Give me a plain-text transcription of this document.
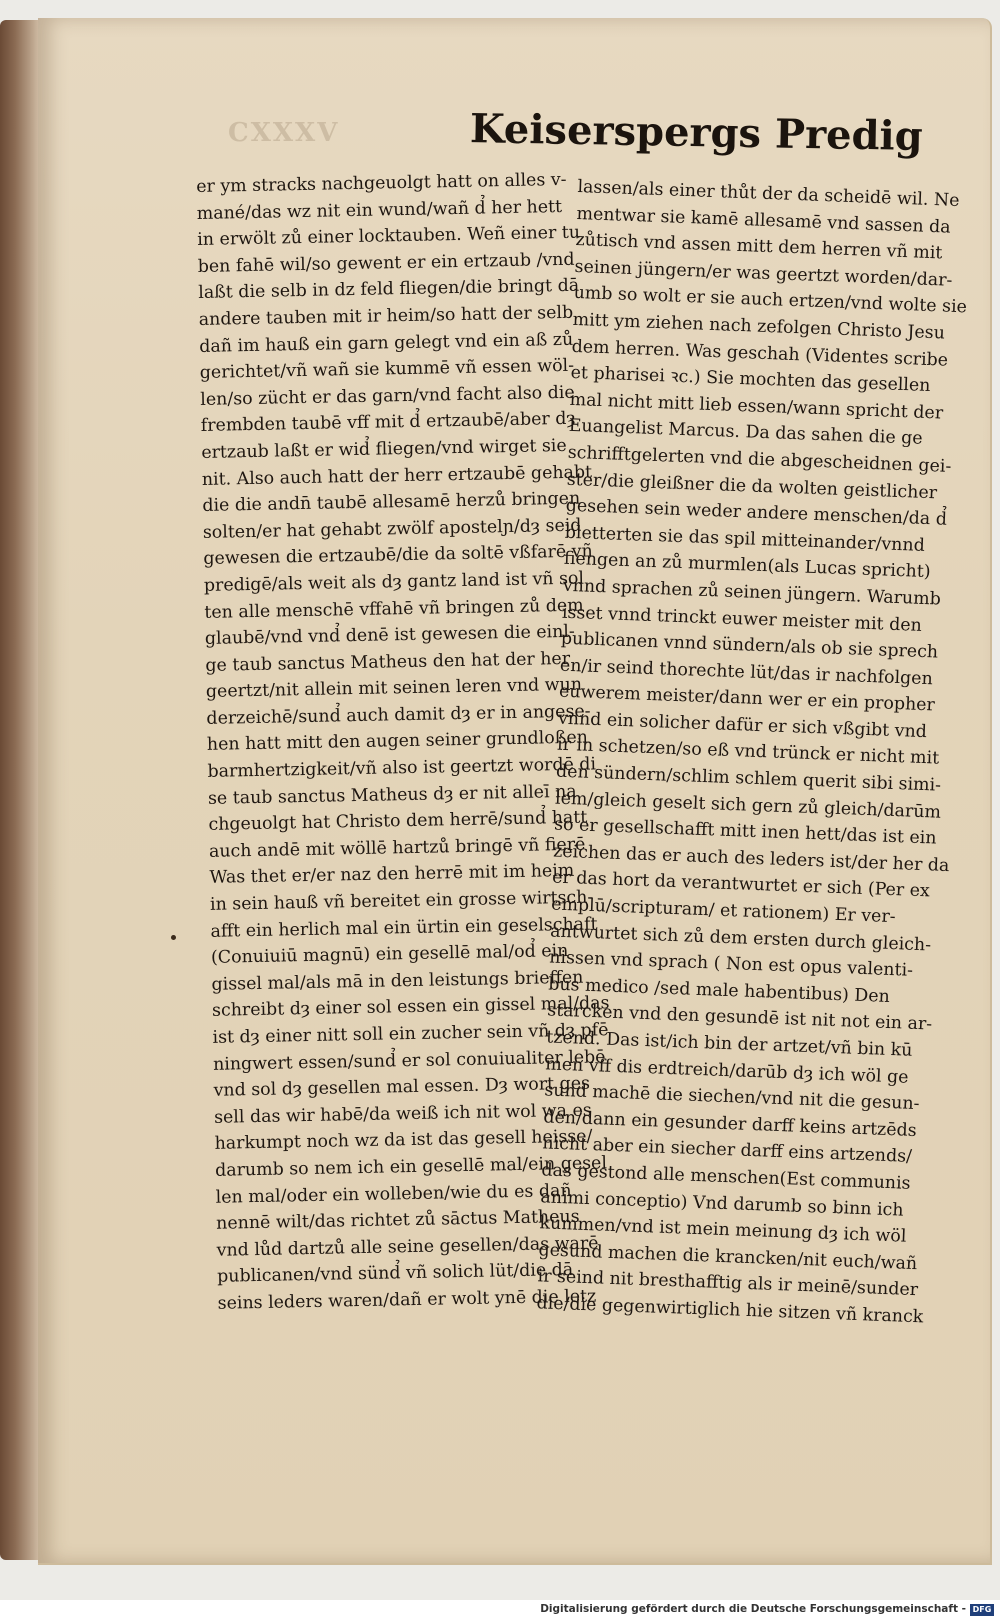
CXXXV	Keiserspergs Predig
er ym stracks nachgeuolgt hatt on alles v‑
mané/das wz nit ein wund/wañ d̉ her hett
in erwölt zů einer locktauben. Weñ einer tu
ben fahē wil/so gewent er ein ertzaub /vnd
laßt die selb in dz feld fliegen/die bringt dā
andere tauben mit ir heim/so hatt der selb
dañ im hauß ein garn gelegt vnd ein aß zů
gerichtet/vñ wañ sie kummē vñ essen wöl‑
len/so zücht er das garn/vnd facht also die
frembden taubē vff mit d̉ ertzaubē/aber dȝ
ertzaub laßt er wid̉ fliegen/vnd wirget sie
nit. Also auch hatt der herr ertzaubē gehabt
die die andn̄ taubē allesamē herzů bringen
solten/er hat gehabt zwölf apostelɲ/dȝ seid
gewesen die ertzaubē/die da soltē vßfarē vñ
predigē/als weit als dȝ gantz land ist vñ sol
ten alle menschē vffahē vñ bringen zů dem
glaubē/vnd vnd̉ denē ist gewesen die einl‑
ge taub sanctus Matheus den hat der her
geertzt/nit allein mit seinen leren vnd wun
derzeichē/sund̉ auch damit dȝ er in angese‑
hen hatt mitt den augen seiner grundloßen
barmhertzigkeit/vñ also ist geertzt wordē di
se taub sanctus Matheus dȝ er nit alleī na
chgeuolgt hat Christo dem herrē/sund̉ hatt
auch andē mit wöllē hartzů bringē vñ fierē
Was thet er/er naz den herrē mit im heim
in sein hauß vñ bereitet ein grosse wirtsch‑
afft ein herlich mal ein ürtin ein geselschaft
(Conuiuiū magnū) ein gesellē mal/od̉ ein
gissel mal/als mā in den leistungs brieffen
schreibt dȝ einer sol essen ein gissel mal/das
ist dȝ einer nitt soll ein zucher sein vñ dȝ pfē
ningwert essen/sund̉ er sol conuiualiter lebē
vnd sol dȝ gesellen mal essen. Dȝ wort ges
sell das wir habē/da weiß ich nit wol wa es
harkumpt noch wz da ist das gesell heisse/
darumb so nem ich ein gesellē mal/ein gesel
len mal/oder ein wolleben/wie du es dañ
nennē wilt/das richtet zů sāctus Matheus
vnd lůd dartzů alle seine gesellen/das warē
publicanen/vnd sünd̉ vñ solich lüt/die dā
seins leders waren/dañ er wolt ynē die letz
lassen/als einer thůt der da scheidē wil. Ne
mentwar sie kamē allesamē vnd sassen da
zůtisch vnd assen mitt dem herren vñ mit
seinen jüngern/er was geertzt worden/dar‑
umb so wolt er sie auch ertzen/vnd wolte sie
mitt ym ziehen nach zefolgen Christo Jesu
dem herren. Was geschah (Videntes scribe
et pharisei ꝛc.) Sie mochten das gesellen
mal nicht mitt lieb essen/wann spricht der
Euangelist Marcus. Da das sahen die ge
schrifftgelerten vnd die abgescheidnen gei‑
ster/die gleißner die da wolten geistlicher
gesehen sein weder andere menschen/da d̉
bletterten sie das spil mitteinander/vnnd
fiengen an zů murmlen(als Lucas spricht)
vnnd sprachen zů seinen jüngern. Warumb
isset vnnd trinckt euwer meister mit den
publicanen vnnd sündern/als ob sie sprech
en/ir seind thorechte lüt/das ir nachfolgen
euwerem meister/dann wer er ein propher
vnnd ein solicher dafür er sich vßgibt vnd
ir in schetzen/so eß vnd trünck er nicht mit
den sündern/schlim schlem querit sibi simi‑
lem/gleich geselt sich gern zů gleich/darūm
so er gesellschafft mitt inen hett/das ist ein
zeichen das er auch des leders ist/der her da
er das hort da verantwurtet er sich (Per ex
emplū/scripturam/ et rationem) Er ver‑
antwurtet sich zů dem ersten durch gleich‑
nissen vnd sprach ( Non est opus valenti‑
bus medico /sed male habentibus) Den
starcken vnd den gesundē ist nit not ein ar‑
tzend. Das ist/ich bin der artzet/vñ bin kū
men vff dis erdtreich/darūb dȝ ich wöl ge
sund machē die siechen/vnd nit die gesun‑
den/dann ein gesunder darff keins artzēds
nicht aber ein siecher darff eins artzends/
das gestond alle menschen(Est communis
animi conceptio) Vnd darumb so binn ich
kummen/vnd ist mein meinung dȝ ich wöl
gesund machen die krancken/nit euch/wañ
ir seind nit bresthafftig als ir meinē/sunder
die/die gegenwirtiglich hie sitzen vñ kranck
Digitalisierung gefördert durch die Deutsche Forschungsgemeinschaft - DFG
